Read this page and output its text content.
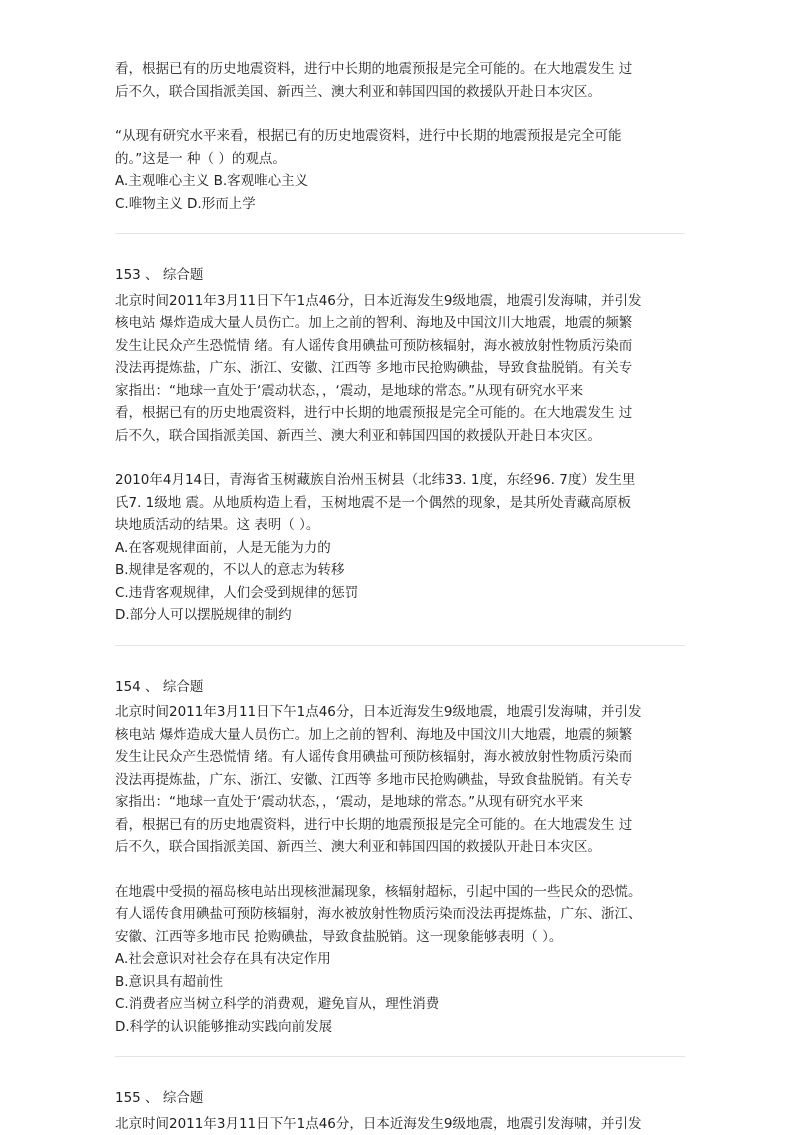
看，根据已有的历史地震资料，进行中长期的地震预报是完全可能的。在大地震发生 过
后不久，联合国指派美国、新西兰、澳大利亚和韩国四国的救援队开赴日本灾区。
“从现有研究水平来看，根据已有的历史地震资料，进行中长期的地震预报是完全可能
的。”这是一 种（ ）的观点。
A.主观唯心主义 B.客观唯心主义
C.唯物主义 D.形而上学
153 、 综合题
北京时间2011年3月11日下午1点46分，日本近海发生9级地震，地震引发海啸，并引发
核电站 爆炸造成大量人员伤亡。加上之前的智利、海地及中国汶川大地震，地震的频繁
发生让民众产生恐慌情 绪。有人谣传食用碘盐可预防核辐射，海水被放射性物质污染而
没法再提炼盐，广东、浙江、安徽、江西等 多地市民抢购碘盐，导致食盐脱销。有关专
家指出：“地球一直处于‘震动状态，，‘震动，是地球的常态。”从现有研究水平来
看，根据已有的历史地震资料，进行中长期的地震预报是完全可能的。在大地震发生 过
后不久，联合国指派美国、新西兰、澳大利亚和韩国四国的救援队开赴日本灾区。
2010年4月14日，青海省玉树藏族自治州玉树县（北纬33. 1度，东经96. 7度）发生里
氏7. 1级地 震。从地质构造上看，玉树地震不是一个偶然的现象，是其所处青藏高原板
块地质活动的结果。这 表明（ ）。
A.在客观规律面前，人是无能为力的
B.规律是客观的，不以人的意志为转移
C.违背客观规律，人们会受到规律的惩罚
D.部分人可以摆脱规律的制约
154 、 综合题
北京时间2011年3月11日下午1点46分，日本近海发生9级地震，地震引发海啸，并引发
核电站 爆炸造成大量人员伤亡。加上之前的智利、海地及中国汶川大地震，地震的频繁
发生让民众产生恐慌情 绪。有人谣传食用碘盐可预防核辐射，海水被放射性物质污染而
没法再提炼盐，广东、浙江、安徽、江西等 多地市民抢购碘盐，导致食盐脱销。有关专
家指出：“地球一直处于‘震动状态，，‘震动，是地球的常态。”从现有研究水平来
看，根据已有的历史地震资料，进行中长期的地震预报是完全可能的。在大地震发生 过
后不久，联合国指派美国、新西兰、澳大利亚和韩国四国的救援队开赴日本灾区。
在地震中受损的福岛核电站出现核泄漏现象，核辐射超标，引起中国的一些民众的恐慌。
有人谣传食用碘盐可预防核辐射，海水被放射性物质污染而没法再提炼盐，广东、浙江、
安徽、江西等多地市民 抢购碘盐，导致食盐脱销。这一现象能够表明（ ）。
A.社会意识对社会存在具有决定作用
B.意识具有超前性
C.消费者应当树立科学的消费观，避免盲从，理性消费
D.科学的认识能够推动实践向前发展
155 、 综合题
北京时间2011年3月11日下午1点46分，日本近海发生9级地震，地震引发海啸，并引发
